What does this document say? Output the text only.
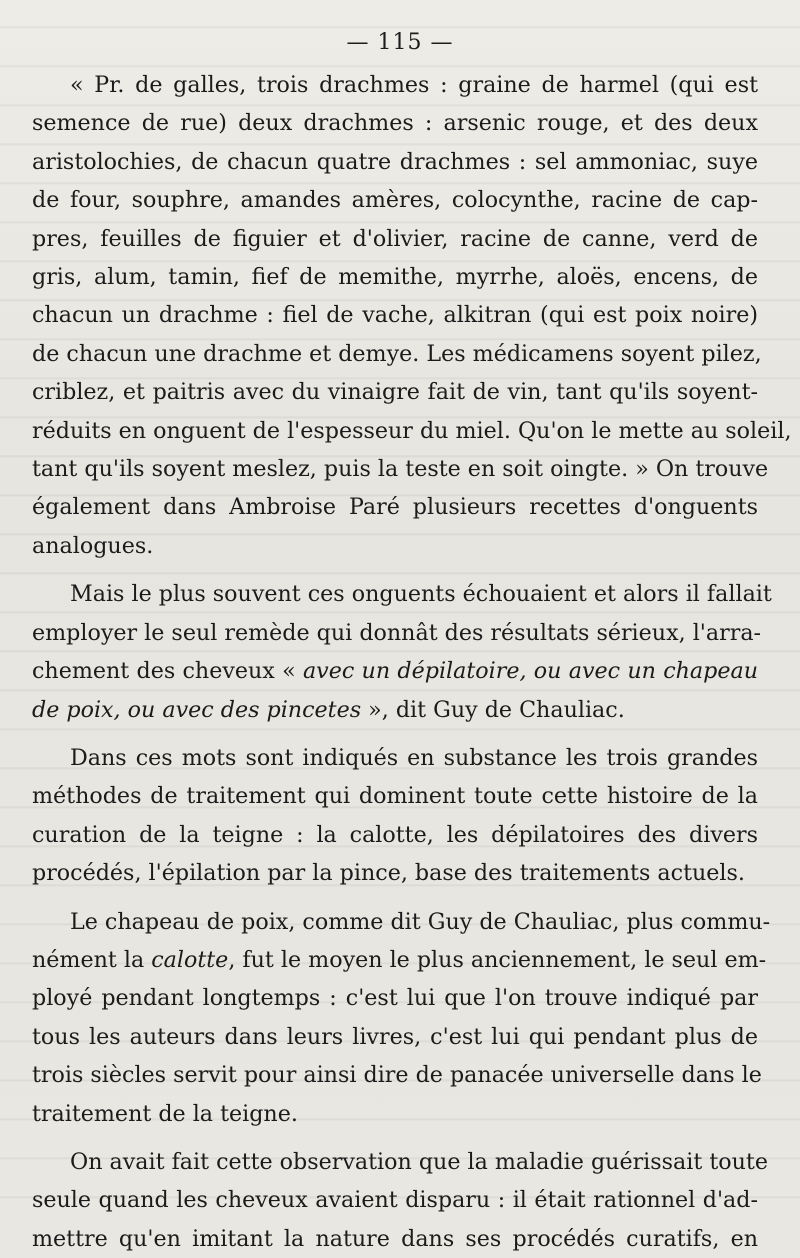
— 115 —
« Pr. de galles, trois drachmes : graine de harmel (qui est
semence de rue) deux drachmes : arsenic rouge, et des deux
aristolochies, de chacun quatre drachmes : sel ammoniac, suye
de four, souphre, amandes amères, colocynthe, racine de cap-
pres, feuilles de figuier et d'olivier, racine de canne, verd de
gris, alum, tamin, fief de memithe, myrrhe, aloës, encens, de
chacun un drachme : fiel de vache, alkitran (qui est poix noire)
de chacun une drachme et demye. Les médicamens soyent pilez,
criblez, et paitris avec du vinaigre fait de vin, tant qu'ils soyent-
réduits en onguent de l'espesseur du miel. Qu'on le mette au soleil,
tant qu'ils soyent meslez, puis la teste en soit oingte. » On trouve
également dans Ambroise Paré plusieurs recettes d'onguents
analogues.
Mais le plus souvent ces onguents échouaient et alors il fallait
employer le seul remède qui donnât des résultats sérieux, l'arra-
chement des cheveux « avec un dépilatoire, ou avec un chapeau
de poix, ou avec des pincetes », dit Guy de Chauliac.
Dans ces mots sont indiqués en substance les trois grandes
méthodes de traitement qui dominent toute cette histoire de la
curation de la teigne : la calotte, les dépilatoires des divers
procédés, l'épilation par la pince, base des traitements actuels.
Le chapeau de poix, comme dit Guy de Chauliac, plus commu-
nément la calotte, fut le moyen le plus anciennement, le seul em-
ployé pendant longtemps : c'est lui que l'on trouve indiqué par
tous les auteurs dans leurs livres, c'est lui qui pendant plus de
trois siècles servit pour ainsi dire de panacée universelle dans le
traitement de la teigne.
On avait fait cette observation que la maladie guérissait toute
seule quand les cheveux avaient disparu : il était rationnel d'ad-
mettre qu'en imitant la nature dans ses procédés curatifs, en
